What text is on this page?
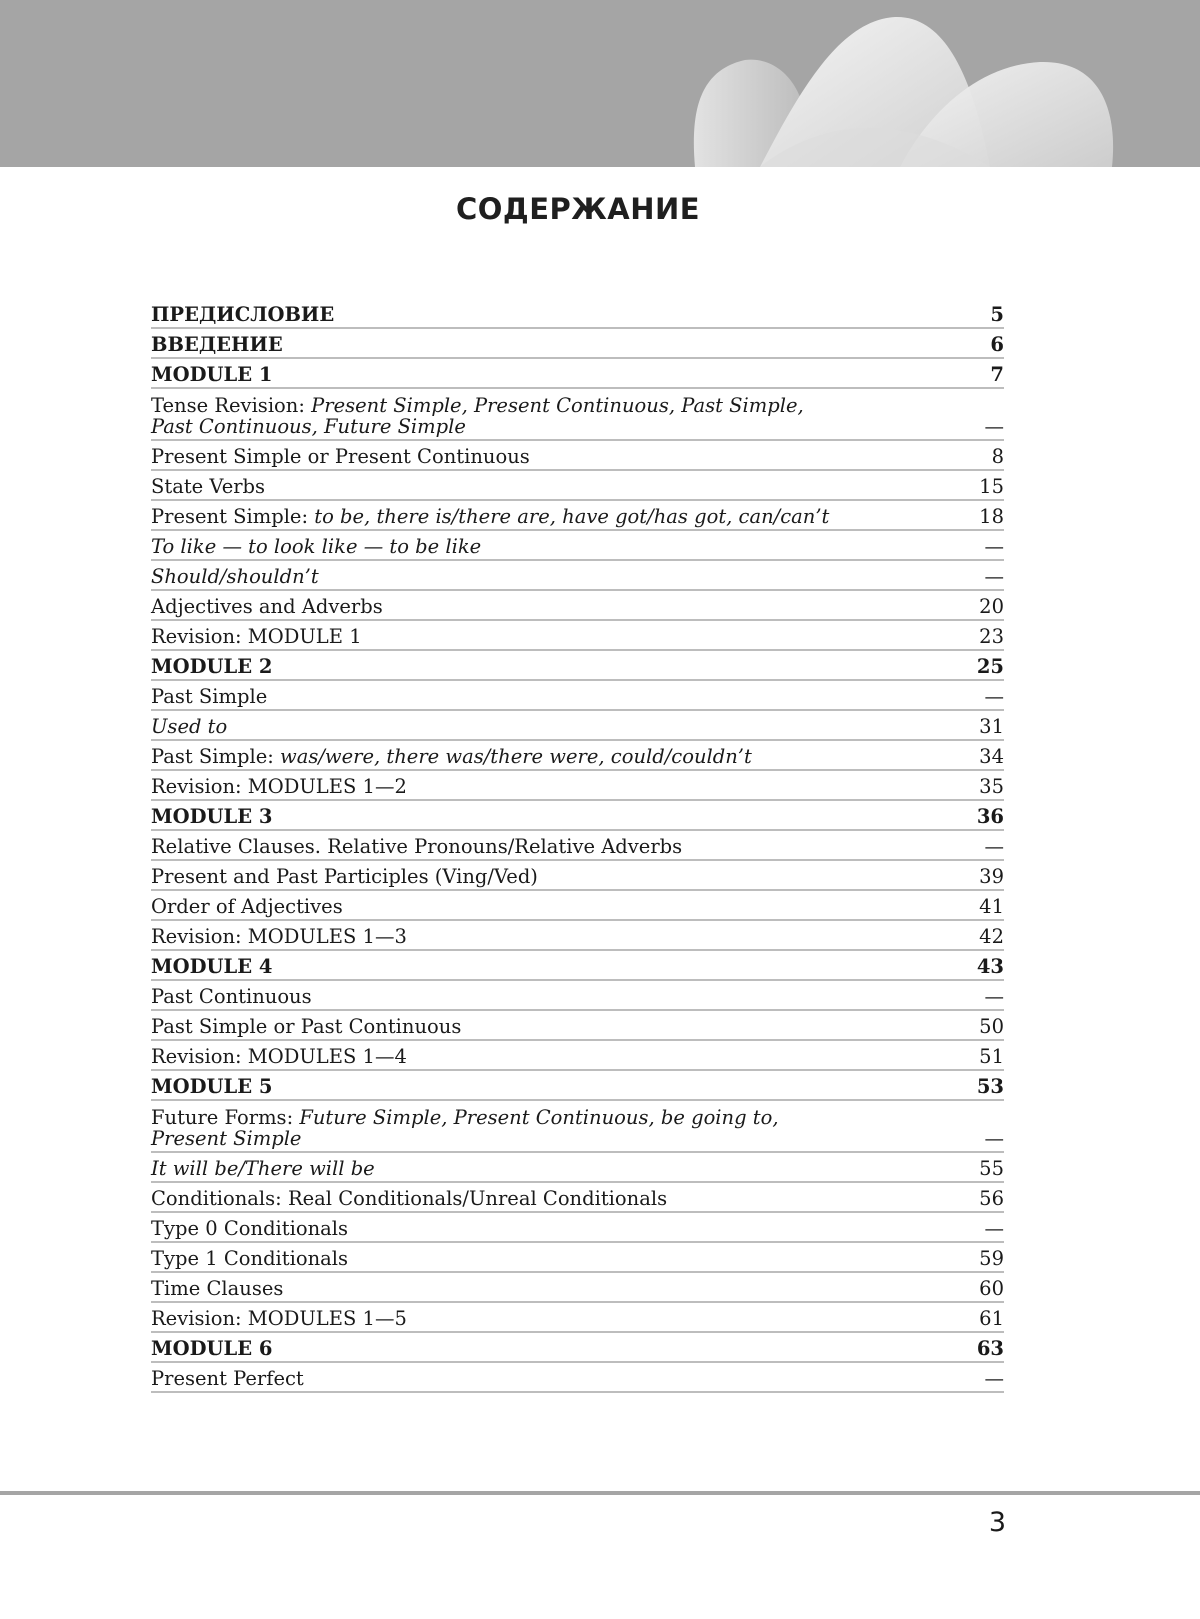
СОДЕРЖАНИЕ
ПРЕДИСЛОВИЕ	5
ВВЕДЕНИЕ	6
MODULE 1	7
Tense Revision: Present Simple, Present Continuous, Past Simple,
Past Continuous, Future Simple	—
Present Simple or Present Continuous	8
State Verbs	15
Present Simple: to be, there is/there are, have got/has got, can/can’t	18
To like — to look like — to be like	—
Should/shouldn’t	—
Adjectives and Adverbs	20
Revision: MODULE 1	23
MODULE 2	25
Past Simple	—
Used to	31
Past Simple: was/were, there was/there were, could/couldn’t	34
Revision: MODULES 1—2	35
MODULE 3	36
Relative Clauses. Relative Pronouns/Relative Adverbs	—
Present and Past Participles (Ving/Ved)	39
Order of Adjectives	41
Revision: MODULES 1—3	42
MODULE 4	43
Past Continuous	—
Past Simple or Past Continuous	50
Revision: MODULES 1—4	51
MODULE 5	53
Future Forms: Future Simple, Present Continuous, be going to,
Present Simple	—
It will be/There will be	55
Conditionals: Real Conditionals/Unreal Conditionals	56
Type 0 Conditionals	—
Type 1 Conditionals	59
Time Clauses	60
Revision: MODULES 1—5	61
MODULE 6	63
Present Perfect	—
3
